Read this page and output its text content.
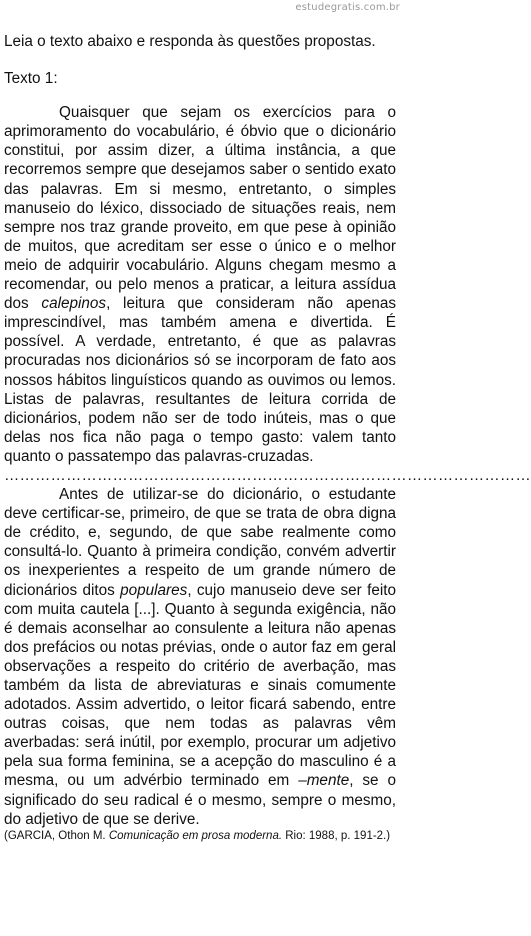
estudegratis.com.br

Leia o texto abaixo e responda às questões propostas.

Texto 1:

Quaisquer que sejam os exercícios para o aprimoramento do vocabulário, é óbvio que o dicionário constitui, por assim dizer, a última instância, a que recorremos sempre que desejamos saber o sentido exato das palavras. Em si mesmo, entretanto, o simples manuseio do léxico, dissociado de situações reais, nem sempre nos traz grande proveito, em que pese à opinião de muitos, que acreditam ser esse o único e o melhor meio de adquirir vocabulário. Alguns chegam mesmo a recomendar, ou pelo menos a praticar, a leitura assídua dos calepinos, leitura que consideram não apenas imprescindível, mas também amena e divertida. É possível. A verdade, entretanto, é que as palavras procuradas nos dicionários só se incorporam de fato aos nossos hábitos linguísticos quando as ouvimos ou lemos. Listas de palavras, resultantes de leitura corrida de dicionários, podem não ser de todo inúteis, mas o que delas nos fica não paga o tempo gasto: valem tanto quanto o passatempo das palavras-cruzadas.

…………………………………………………………………………………………

Antes de utilizar-se do dicionário, o estudante deve certificar-se, primeiro, de que se trata de obra digna de crédito, e, segundo, de que sabe realmente como consultá-lo. Quanto à primeira condição, convém advertir os inexperientes a respeito de um grande número de dicionários ditos populares, cujo manuseio deve ser feito com muita cautela [...]. Quanto à segunda exigência, não é demais aconselhar ao consulente a leitura não apenas dos prefácios ou notas prévias, onde o autor faz em geral observações a respeito do critério de averbação, mas também da lista de abreviaturas e sinais comumente adotados. Assim advertido, o leitor ficará sabendo, entre outras coisas, que nem todas as palavras vêm averbadas: será inútil, por exemplo, procurar um adjetivo pela sua forma feminina, se a acepção do masculino é a mesma, ou um advérbio terminado em –mente, se o significado do seu radical é o mesmo, sempre o mesmo, do adjetivo de que se derive.

(GARCIA, Othon M. Comunicação em prosa moderna. Rio: 1988, p. 191-2.)
